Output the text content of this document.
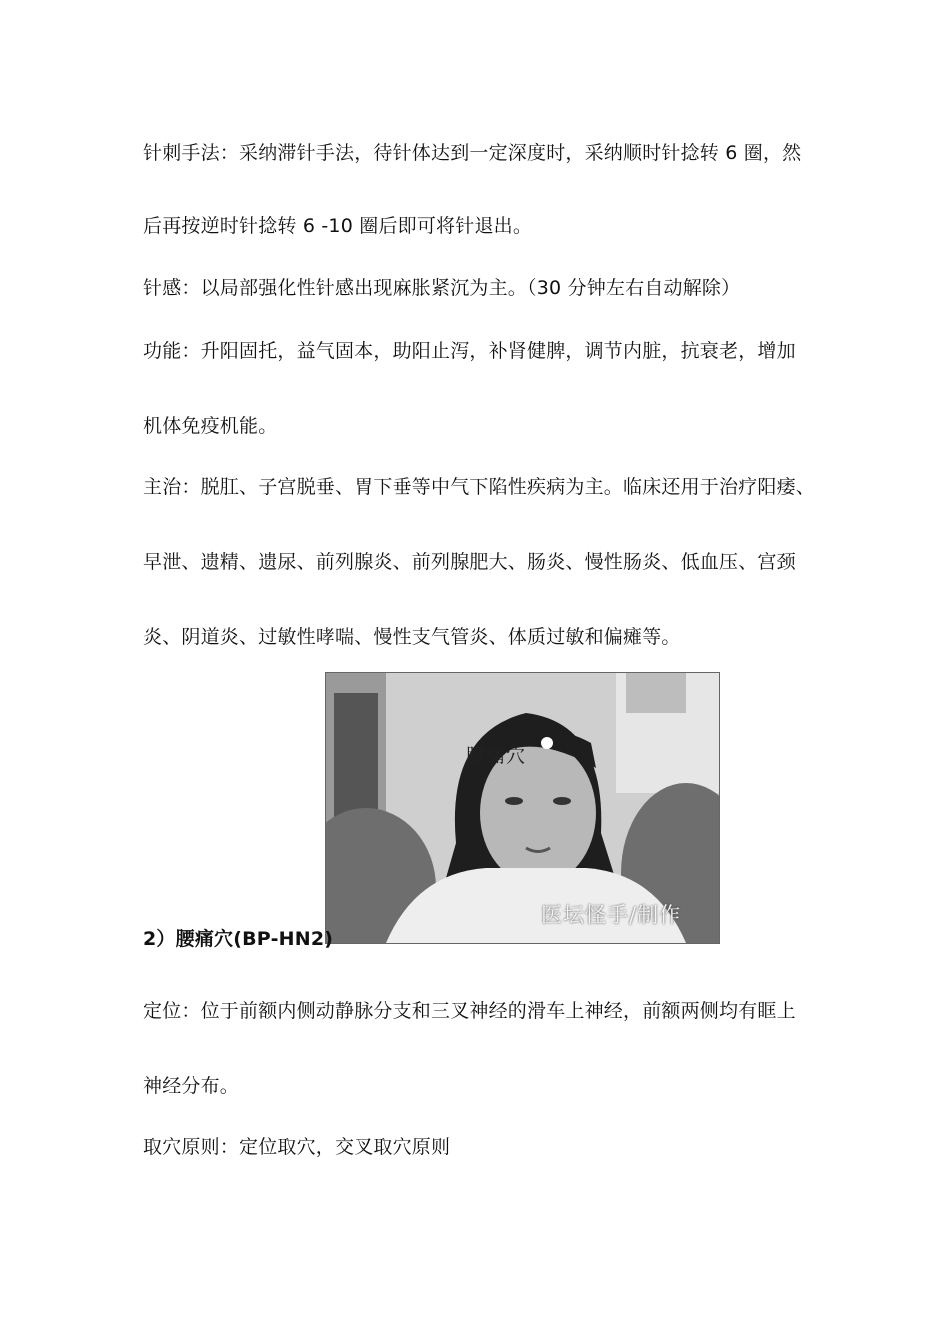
针刺手法：采纳滞针手法，待针体达到一定深度时，采纳顺时针捻转 6 圈，然
后再按逆时针捻转 6 -10 圈后即可将针退出。
针感：以局部强化性针感出现麻胀紧沉为主。（30 分钟左右自动解除）
功能：升阳固托，益气固本，助阳止泻，补肾健脾，调节内脏，抗衰老，增加
机体免疫机能。
主治：脱肛、子宫脱垂、胃下垂等中气下陷性疾病为主。临床还用于治疗阳痿、
早泄、遗精、遗尿、前列腺炎、前列腺肥大、肠炎、慢性肠炎、低血压、宫颈
炎、阴道炎、过敏性哮喘、慢性支气管炎、体质过敏和偏瘫等。
腰痛穴
医坛怪手/制作
2）腰痛穴(BP-HN2)
定位：位于前额内侧动静脉分支和三叉神经的滑车上神经，前额两侧均有眶上
神经分布。
取穴原则：定位取穴，交叉取穴原则
